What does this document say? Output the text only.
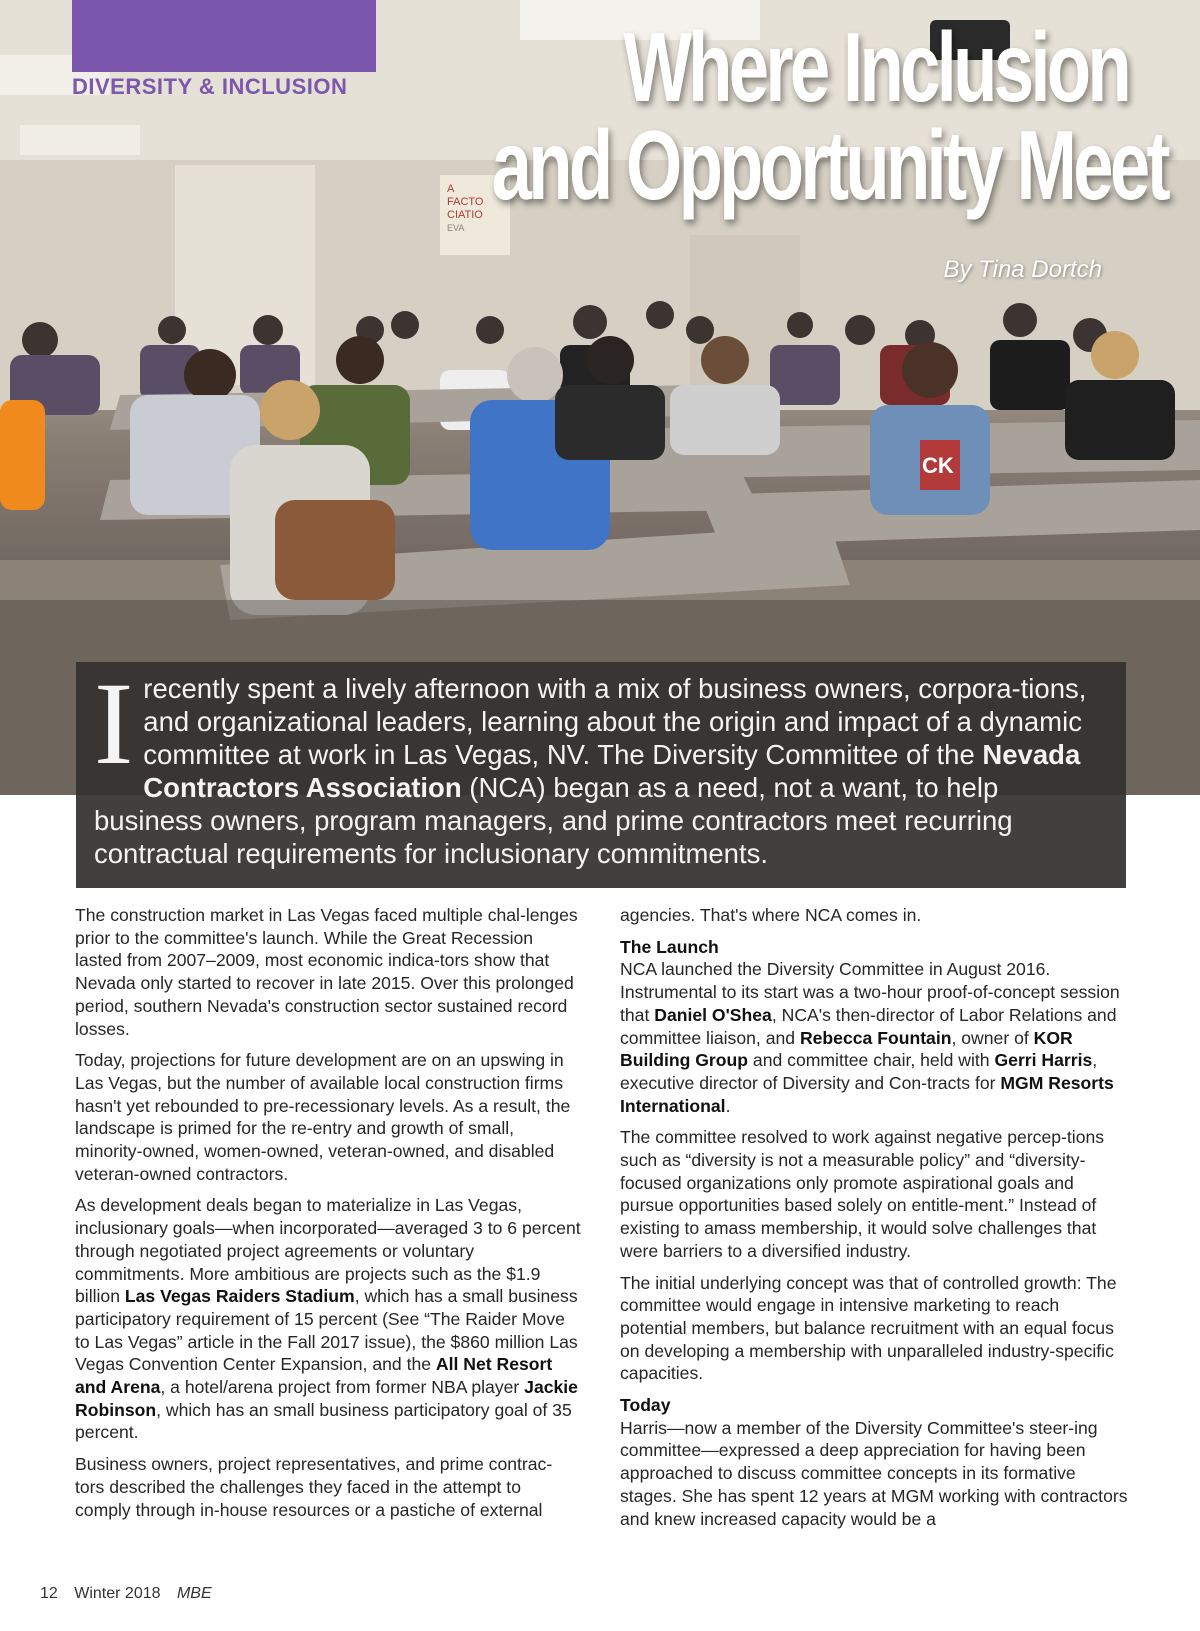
A
FACTO
CIATIO
EVA
CK
DIVERSITY & INCLUSION	Where Inclusion
and Opportunity Meet
By Tina Dortch
I recently spent a lively afternoon with a mix of business owners, corpora-tions, and organizational leaders, learning about the origin and impact of a dynamic committee at work in Las Vegas, NV. The Diversity Committee of the Nevada Contractors Association (NCA) began as a need, not a want, to help business owners, program managers, and prime contractors meet recurring contractual requirements for inclusionary commitments.

The construction market in Las Vegas faced multiple chal-lenges prior to the committee's launch. While the Great Recession lasted from 2007–2009, most economic indica-tors show that Nevada only started to recover in late 2015. Over this prolonged period, southern Nevada's construction sector sustained record losses.

Today, projections for future development are on an upswing in Las Vegas, but the number of available local construction firms hasn't yet rebounded to pre-recessionary levels. As a result, the landscape is primed for the re-entry and growth of small, minority-owned, women-owned, veteran-owned, and disabled veteran-owned contractors.

As development deals began to materialize in Las Vegas, inclusionary goals—when incorporated—averaged 3 to 6 percent through negotiated project agreements or voluntary commitments. More ambitious are projects such as the $1.9 billion Las Vegas Raiders Stadium, which has a small business participatory requirement of 15 percent (See “The Raider Move to Las Vegas” article in the Fall 2017 issue), the $860 million Las Vegas Convention Center Expansion, and the All Net Resort and Arena, a hotel/arena project from former NBA player Jackie Robinson, which has an small business participatory goal of 35 percent.

Business owners, project representatives, and prime contrac-tors described the challenges they faced in the attempt to comply through in-house resources or a pastiche of external

agencies. That's where NCA comes in.

The Launch

NCA launched the Diversity Committee in August 2016. Instrumental to its start was a two-hour proof-of-concept session that Daniel O'Shea, NCA's then-director of Labor Relations and committee liaison, and Rebecca Fountain, owner of KOR Building Group and committee chair, held with Gerri Harris, executive director of Diversity and Con-tracts for MGM Resorts International.

The committee resolved to work against negative percep-tions such as “diversity is not a measurable policy” and “diversity-focused organizations only promote aspirational goals and pursue opportunities based solely on entitle-ment.” Instead of existing to amass membership, it would solve challenges that were barriers to a diversified industry.

The initial underlying concept was that of controlled growth: The committee would engage in intensive marketing to reach potential members, but balance recruitment with an equal focus on developing a membership with unparalleled industry-specific capacities.

Today

Harris—now a member of the Diversity Committee's steer-ing committee—expressed a deep appreciation for having been approached to discuss committee concepts in its formative stages. She has spent 12 years at MGM working with contractors and knew increased capacity would be a

12 Winter 2018 MBE
